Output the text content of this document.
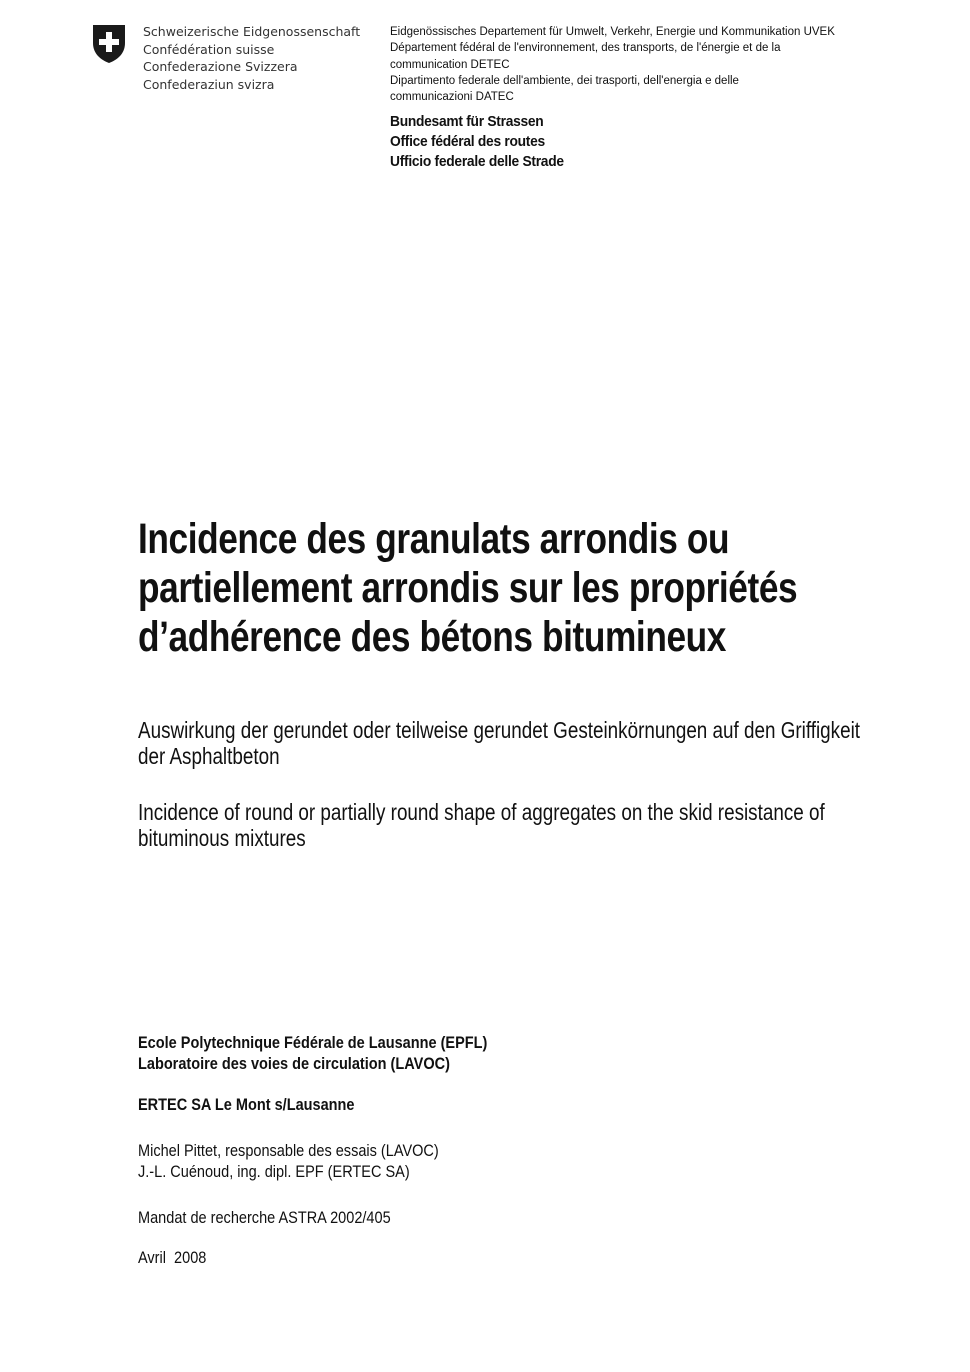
Schweizerische Eidgenossenschaft
Confédération suisse
Confederazione Svizzera
Confederaziun svizra
Eidgenössisches Departement für Umwelt, Verkehr, Energie und Kommunikation UVEK
Département fédéral de l'environnement, des transports, de l'énergie et de la
communication DETEC
Dipartimento federale dell'ambiente, dei trasporti, dell'energia e delle
communicazioni DATEC
Bundesamt für Strassen
Office fédéral des routes
Ufficio federale delle Strade
Incidence des granulats arrondis ou
partiellement arrondis sur les propriétés
d’adhérence des bétons bitumineux
Auswirkung der gerundet oder teilweise gerundet Gesteinkörnungen auf den Griffigkeit
der Asphaltbeton
Incidence of round or partially round shape of aggregates on the skid resistance of
bituminous mixtures
Ecole Polytechnique Fédérale de Lausanne (EPFL)
Laboratoire des voies de circulation (LAVOC)
ERTEC SA Le Mont s/Lausanne
Michel Pittet, responsable des essais (LAVOC)
J.-L. Cuénoud, ing. dipl. EPF (ERTEC SA)
Mandat de recherche ASTRA 2002/405
Avril  2008
